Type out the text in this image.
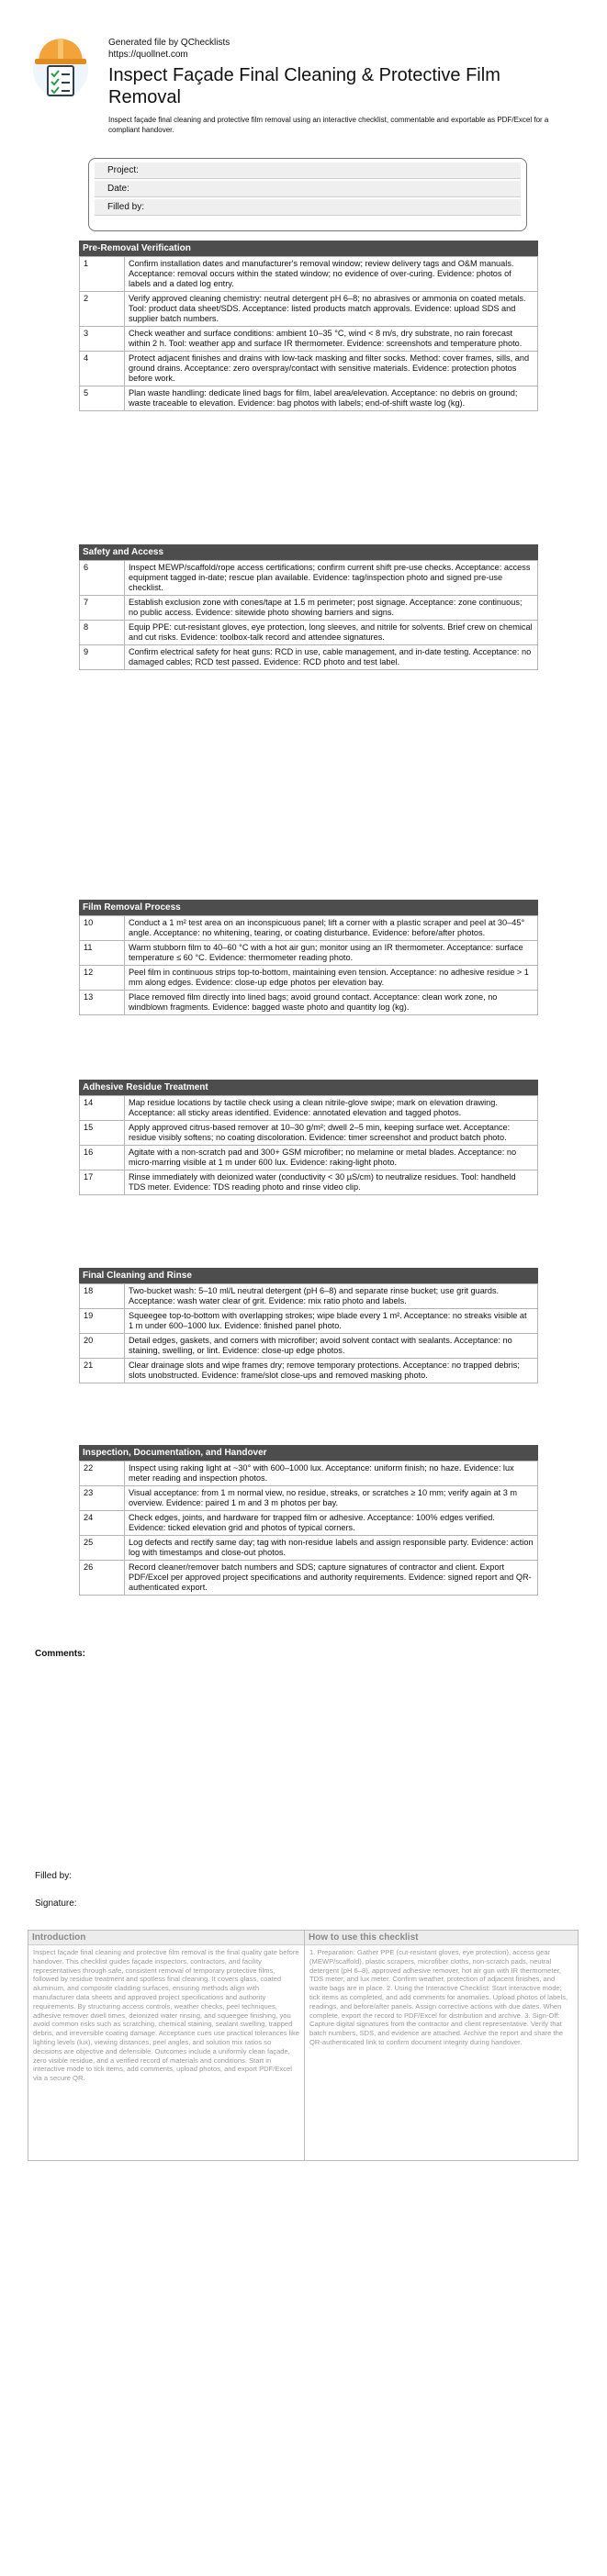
Generated file by QChecklists
https://quollnet.com
Inspect Façade Final Cleaning & Protective Film Removal
Inspect façade final cleaning and protective film removal using an interactive checklist, commentable and exportable as PDF/Excel for a compliant handover.
Project:
Date:
Filled by:
Pre-Removal Verification
1	Confirm installation dates and manufacturer's removal window; review delivery tags and O&M manuals. Acceptance: removal occurs within the stated window; no evidence of over-curing. Evidence: photos of labels and a dated log entry.
2	Verify approved cleaning chemistry: neutral detergent pH 6–8; no abrasives or ammonia on coated metals. Tool: product data sheet/SDS. Acceptance: listed products match approvals. Evidence: upload SDS and supplier batch numbers.
3	Check weather and surface conditions: ambient 10–35 °C, wind < 8 m/s, dry substrate, no rain forecast within 2 h. Tool: weather app and surface IR thermometer. Evidence: screenshots and temperature photo.
4	Protect adjacent finishes and drains with low-tack masking and filter socks. Method: cover frames, sills, and ground drains. Acceptance: zero overspray/contact with sensitive materials. Evidence: protection photos before work.
5	Plan waste handling: dedicate lined bags for film, label area/elevation. Acceptance: no debris on ground; waste traceable to elevation. Evidence: bag photos with labels; end-of-shift waste log (kg).
Safety and Access
6	Inspect MEWP/scaffold/rope access certifications; confirm current shift pre-use checks. Acceptance: access equipment tagged in-date; rescue plan available. Evidence: tag/inspection photo and signed pre-use checklist.
7	Establish exclusion zone with cones/tape at 1.5 m perimeter; post signage. Acceptance: zone continuous; no public access. Evidence: sitewide photo showing barriers and signs.
8	Equip PPE: cut-resistant gloves, eye protection, long sleeves, and nitrile for solvents. Brief crew on chemical and cut risks. Evidence: toolbox-talk record and attendee signatures.
9	Confirm electrical safety for heat guns: RCD in use, cable management, and in-date testing. Acceptance: no damaged cables; RCD test passed. Evidence: RCD photo and test label.
Film Removal Process
10	Conduct a 1 m² test area on an inconspicuous panel; lift a corner with a plastic scraper and peel at 30–45° angle. Acceptance: no whitening, tearing, or coating disturbance. Evidence: before/after photos.
11	Warm stubborn film to 40–60 °C with a hot air gun; monitor using an IR thermometer. Acceptance: surface temperature ≤ 60 °C. Evidence: thermometer reading photo.
12	Peel film in continuous strips top-to-bottom, maintaining even tension. Acceptance: no adhesive residue > 1 mm along edges. Evidence: close-up edge photos per elevation bay.
13	Place removed film directly into lined bags; avoid ground contact. Acceptance: clean work zone, no windblown fragments. Evidence: bagged waste photo and quantity log (kg).
Adhesive Residue Treatment
14	Map residue locations by tactile check using a clean nitrile-glove swipe; mark on elevation drawing. Acceptance: all sticky areas identified. Evidence: annotated elevation and tagged photos.
15	Apply approved citrus-based remover at 10–30 g/m²; dwell 2–5 min, keeping surface wet. Acceptance: residue visibly softens; no coating discoloration. Evidence: timer screenshot and product batch photo.
16	Agitate with a non-scratch pad and 300+ GSM microfiber; no melamine or metal blades. Acceptance: no micro-marring visible at 1 m under 600 lux. Evidence: raking-light photo.
17	Rinse immediately with deionized water (conductivity < 30 µS/cm) to neutralize residues. Tool: handheld TDS meter. Evidence: TDS reading photo and rinse video clip.
Final Cleaning and Rinse
18	Two-bucket wash: 5–10 ml/L neutral detergent (pH 6–8) and separate rinse bucket; use grit guards. Acceptance: wash water clear of grit. Evidence: mix ratio photo and labels.
19	Squeegee top-to-bottom with overlapping strokes; wipe blade every 1 m². Acceptance: no streaks visible at 1 m under 600–1000 lux. Evidence: finished panel photo.
20	Detail edges, gaskets, and corners with microfiber; avoid solvent contact with sealants. Acceptance: no staining, swelling, or lint. Evidence: close-up edge photos.
21	Clear drainage slots and wipe frames dry; remove temporary protections. Acceptance: no trapped debris; slots unobstructed. Evidence: frame/slot close-ups and removed masking photo.
Inspection, Documentation, and Handover
22	Inspect using raking light at ~30° with 600–1000 lux. Acceptance: uniform finish; no haze. Evidence: lux meter reading and inspection photos.
23	Visual acceptance: from 1 m normal view, no residue, streaks, or scratches ≥ 10 mm; verify again at 3 m overview. Evidence: paired 1 m and 3 m photos per bay.
24	Check edges, joints, and hardware for trapped film or adhesive. Acceptance: 100% edges verified. Evidence: ticked elevation grid and photos of typical corners.
25	Log defects and rectify same day; tag with non-residue labels and assign responsible party. Evidence: action log with timestamps and close-out photos.
26	Record cleaner/remover batch numbers and SDS; capture signatures of contractor and client. Export PDF/Excel per approved project specifications and authority requirements. Evidence: signed report and QR-authenticated export.
Comments:
Filled by:
Signature:
Introduction
Inspect façade final cleaning and protective film removal is the final quality gate before handover. This checklist guides façade inspectors, contractors, and facility representatives through safe, consistent removal of temporary protective films, followed by residue treatment and spotless final cleaning. It covers glass, coated aluminum, and composite cladding surfaces, ensuring methods align with manufacturer data sheets and approved project specifications and authority requirements. By structuring access controls, weather checks, peel techniques, adhesive remover dwell times, deionized water rinsing, and squeegee finishing, you avoid common risks such as scratching, chemical staining, sealant swelling, trapped debris, and irreversible coating damage. Acceptance cues use practical tolerances like lighting levels (lux), viewing distances, peel angles, and solution mix ratios so decisions are objective and defensible. Outcomes include a uniformly clean façade, zero visible residue, and a verified record of materials and conditions. Start in interactive mode to tick items, add comments, upload photos, and export PDF/Excel via a secure QR.
How to use this checklist
1. Preparation: Gather PPE (cut-resistant gloves, eye protection), access gear (MEWP/scaffold), plastic scrapers, microfiber cloths, non-scratch pads, neutral detergent (pH 6–8), approved adhesive remover, hot air gun with IR thermometer, TDS meter, and lux meter. Confirm weather, protection of adjacent finishes, and waste bags are in place. 2. Using the Interactive Checklist: Start interactive mode; tick items as completed, and add comments for anomalies. Upload photos of labels, readings, and before/after panels. Assign corrective actions with due dates. When complete, export the record to PDF/Excel for distribution and archive. 3. Sign-Off: Capture digital signatures from the contractor and client representative. Verify that batch numbers, SDS, and evidence are attached. Archive the report and share the QR-authenticated link to confirm document integrity during handover.
